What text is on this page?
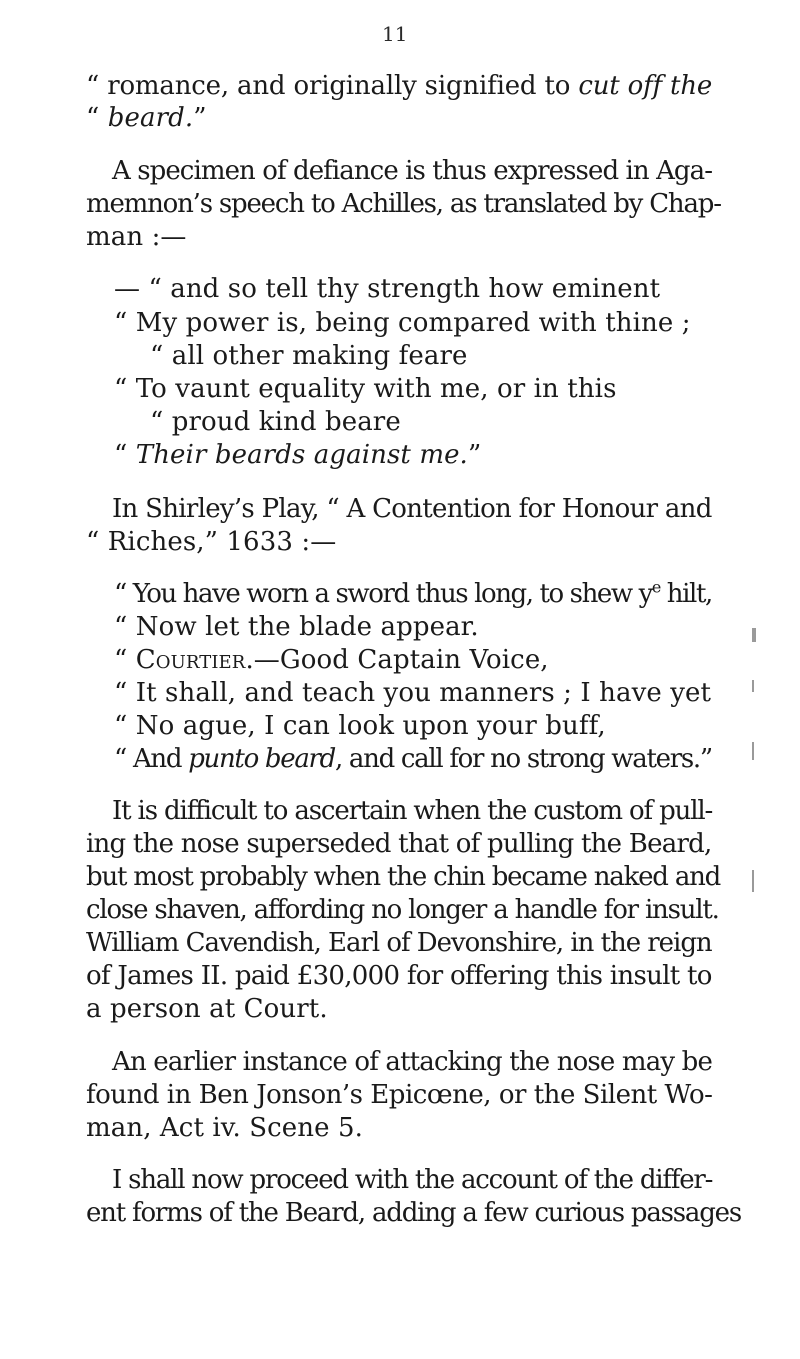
11
“ romance, and originally signified to cut off the
“ beard.”
A specimen of defiance is thus expressed in Aga-
memnon’s speech to Achilles, as translated by Chap-
man :—
— “ and so tell thy strength how eminent
“ My power is, being compared with thine ;
“ all other making feare
“ To vaunt equality with me, or in this
“ proud kind beare
“ Their beards against me.”
In Shirley’s Play, “ A Contention for Honour and
“ Riches,” 1633 :—
“ You have worn a sword thus long, to shew $y^e$ hilt,
“ Now let the blade appear.
“ Courtier.—Good Captain Voice,
“ It shall, and teach you manners ; I have yet
“ No ague, I can look upon your buff,
“ And punto beard, and call for no strong waters.”
It is difficult to ascertain when the custom of pull-
ing the nose superseded that of pulling the Beard,
but most probably when the chin became naked and
close shaven, affording no longer a handle for insult.
William Cavendish, Earl of Devonshire, in the reign
of James II. paid £30,000 for offering this insult to
a person at Court.
An earlier instance of attacking the nose may be
found in Ben Jonson’s Epicœne, or the Silent Wo-
man, Act iv. Scene 5.
I shall now proceed with the account of the differ-
ent forms of the Beard, adding a few curious passages
